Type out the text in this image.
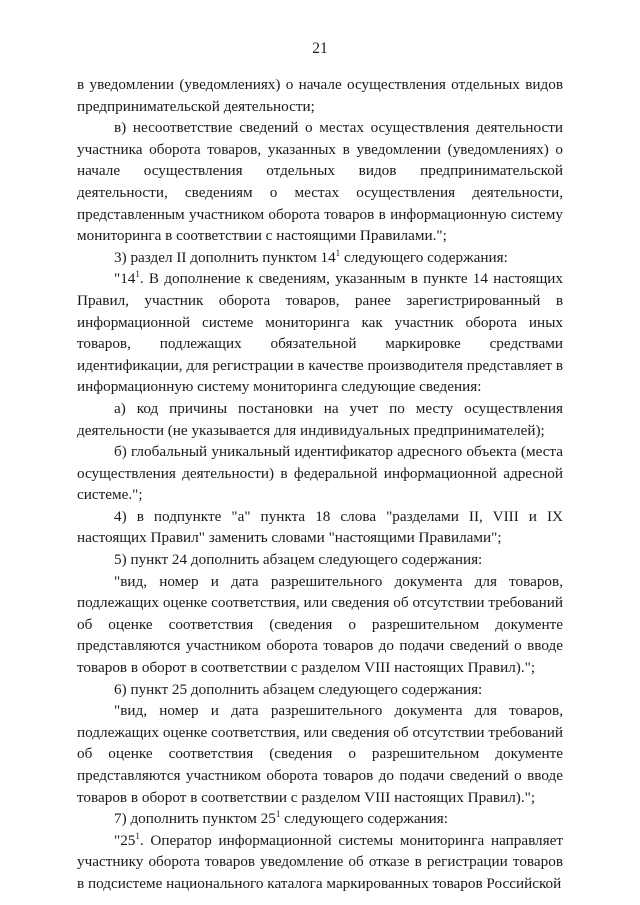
21

в уведомлении (уведомлениях) о начале осуществления отдельных видов предпринимательской деятельности;

в) несоответствие сведений о местах осуществления деятельности участника оборота товаров, указанных в уведомлении (уведомлениях) о начале осуществления отдельных видов предпринимательской деятельности, сведениям о местах осуществления деятельности, представленным участником оборота товаров в информационную систему мониторинга в соответствии с настоящими Правилами.";

3) раздел II дополнить пунктом $14^1$ следующего содержания:

"$14^1$. В дополнение к сведениям, указанным в пункте 14 настоящих Правил, участник оборота товаров, ранее зарегистрированный в информационной системе мониторинга как участник оборота иных товаров, подлежащих обязательной маркировке средствами идентификации, для регистрации в качестве производителя представляет в информационную систему мониторинга следующие сведения:

а) код причины постановки на учет по месту осуществления деятельности (не указывается для индивидуальных предпринимателей);

б) глобальный уникальный идентификатор адресного объекта (места осуществления деятельности) в федеральной информационной адресной системе.";

4) в подпункте "а" пункта 18 слова "разделами II, VIII и IX настоящих Правил" заменить словами "настоящими Правилами";

5) пункт 24 дополнить абзацем следующего содержания:

"вид, номер и дата разрешительного документа для товаров, подлежащих оценке соответствия, или сведения об отсутствии требований об оценке соответствия (сведения о разрешительном документе представляются участником оборота товаров до подачи сведений о вводе товаров в оборот в соответствии с разделом VIII настоящих Правил).";

6) пункт 25 дополнить абзацем следующего содержания:

"вид, номер и дата разрешительного документа для товаров, подлежащих оценке соответствия, или сведения об отсутствии требований об оценке соответствия (сведения о разрешительном документе представляются участником оборота товаров до подачи сведений о вводе товаров в оборот в соответствии с разделом VIII настоящих Правил).";

7) дополнить пунктом $25^1$ следующего содержания:

"$25^1$. Оператор информационной системы мониторинга направляет участнику оборота товаров уведомление об отказе в регистрации товаров в подсистеме национального каталога маркированных товаров Российской
